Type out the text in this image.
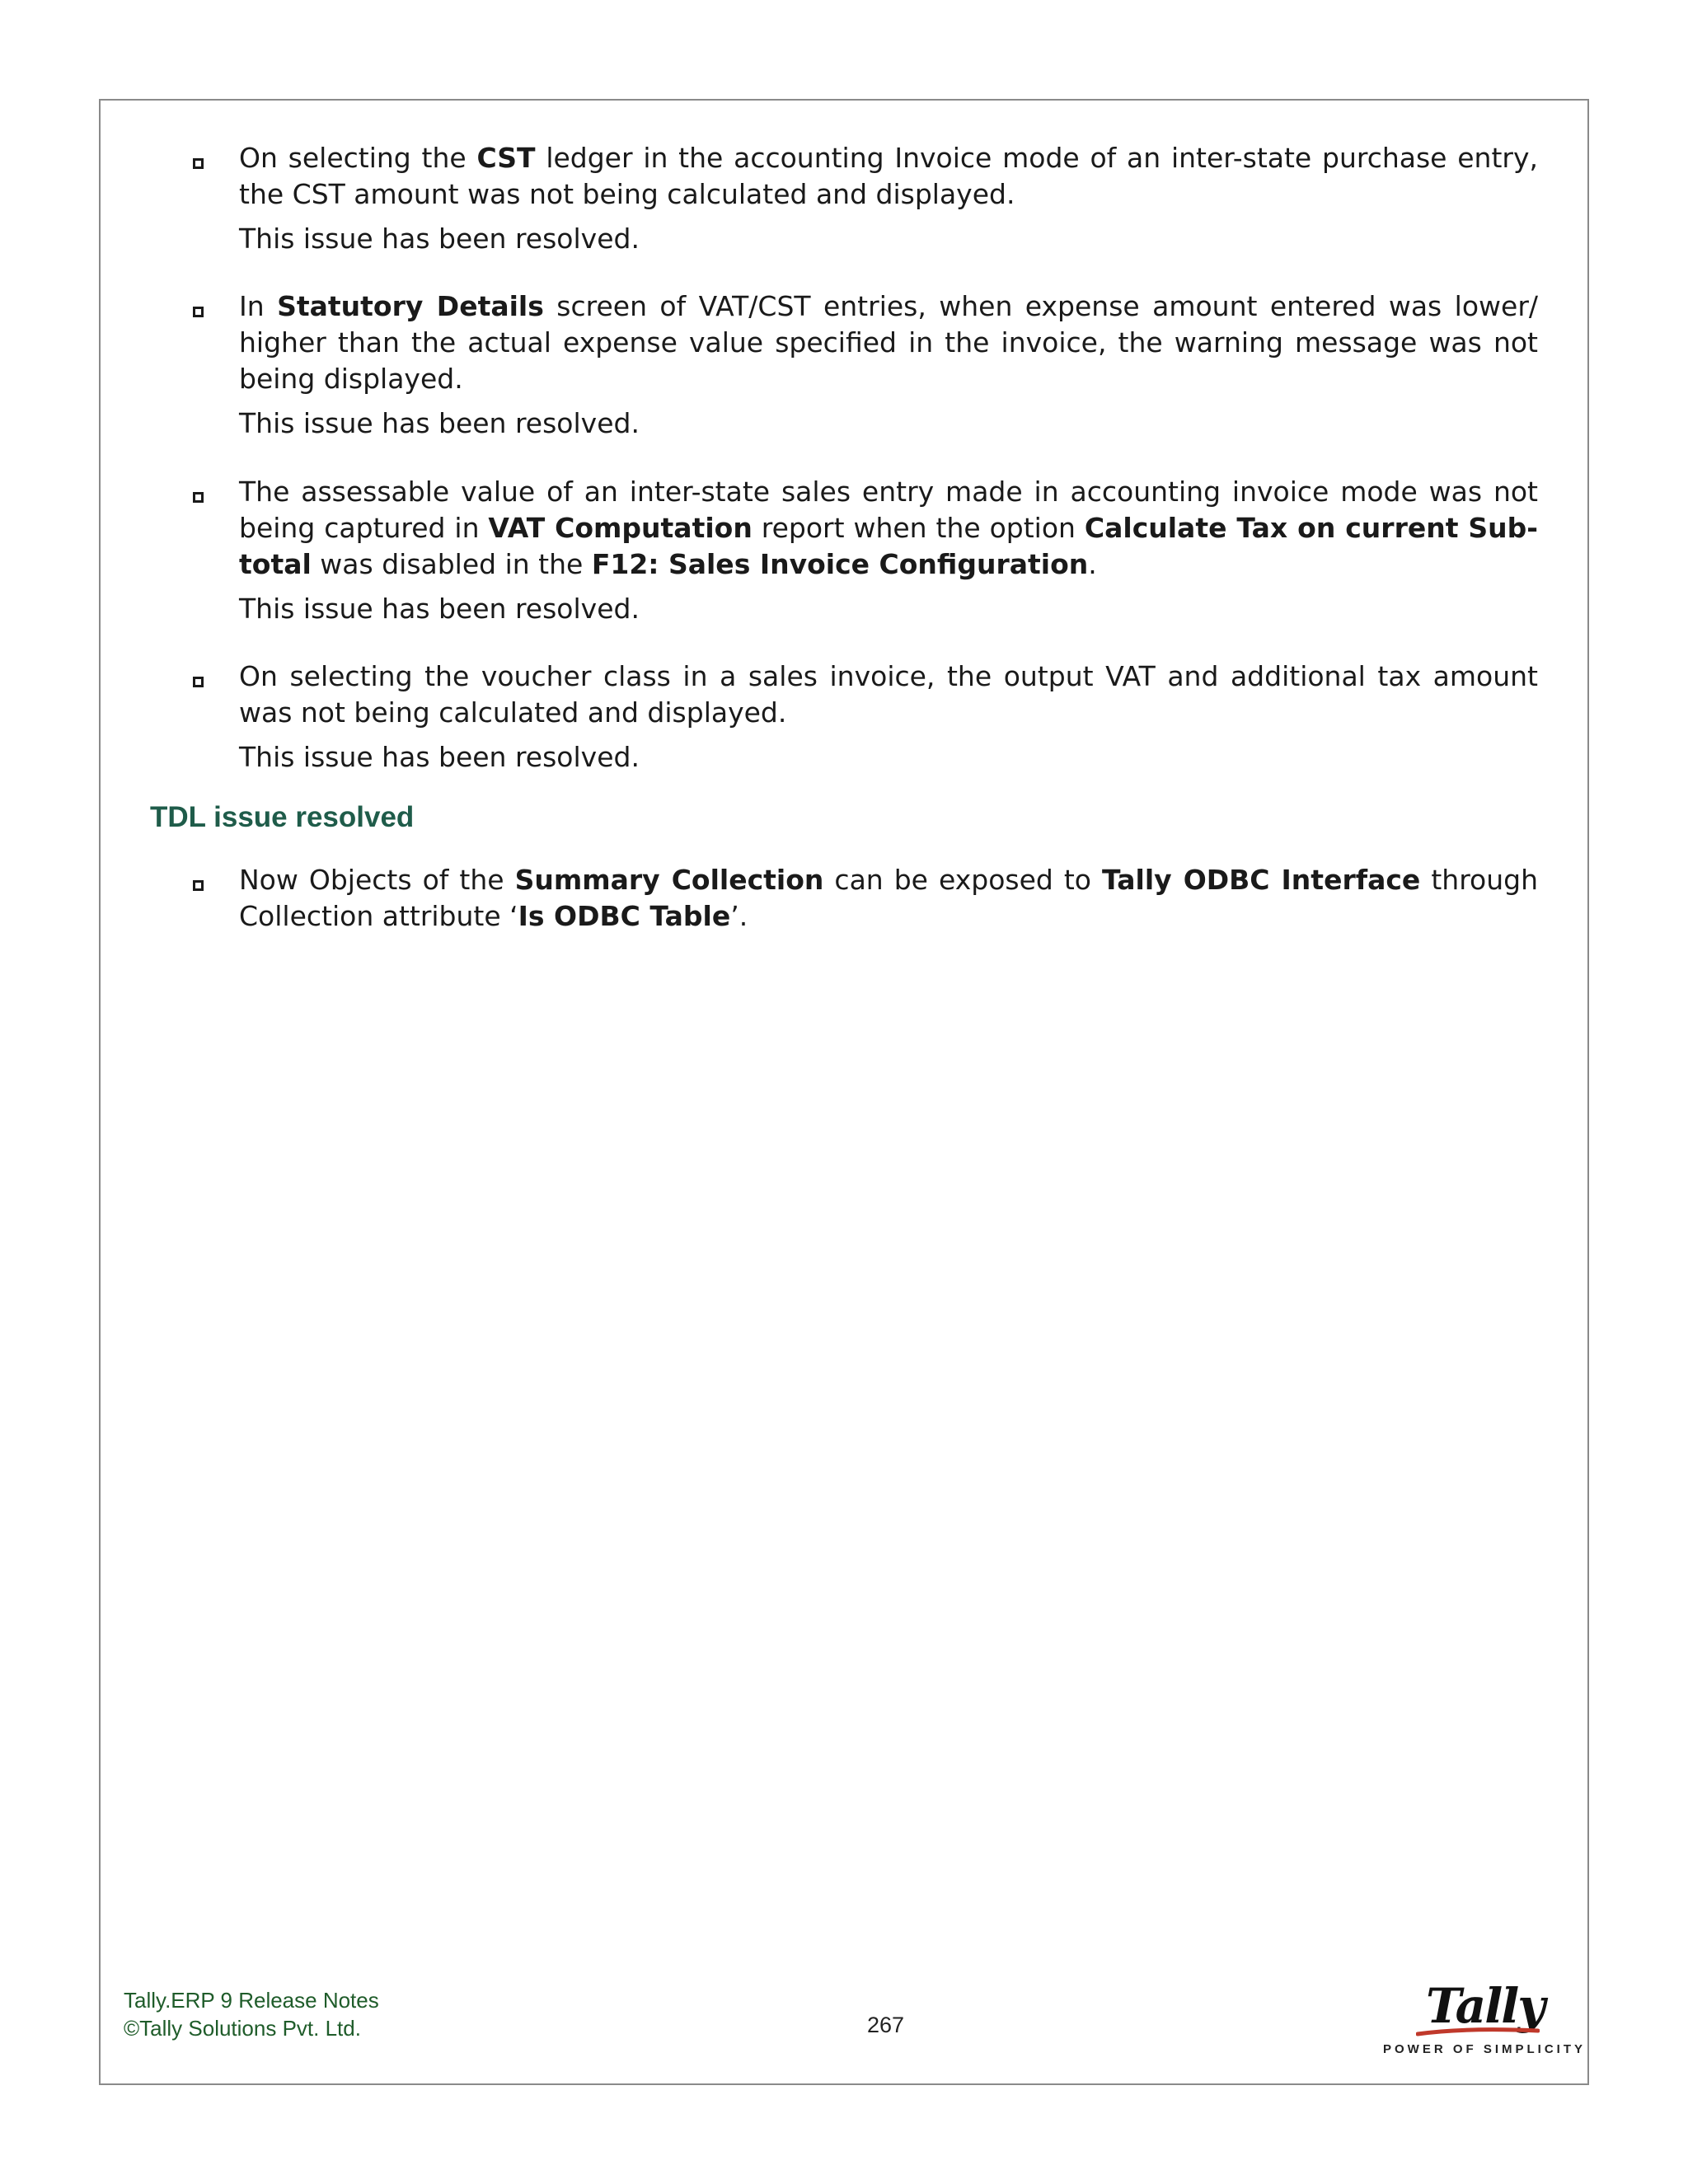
On selecting the CST ledger in the accounting Invoice mode of an inter-state purchase entry, the CST amount was not being calculated and displayed.

This issue has been resolved.

In Statutory Details screen of VAT/CST entries, when expense amount entered was lower/ higher than the actual expense value specified in the invoice, the warning message was not being displayed.

This issue has been resolved.

The assessable value of an inter-state sales entry made in accounting invoice mode was not being captured in VAT Computation report when the option Calculate Tax on current Sub-total was disabled in the F12: Sales Invoice Configuration.

This issue has been resolved.

On selecting the voucher class in a sales invoice, the output VAT and additional tax amount was not being calculated and displayed.

This issue has been resolved.

TDL issue resolved

Now Objects of the Summary Collection can be exposed to Tally ODBC Interface through Collection attribute ‘Is ODBC Table’.

Tally.ERP 9 Release Notes
©Tally Solutions Pvt. Ltd.	267	Tally
POWER OF SIMPLICITY
